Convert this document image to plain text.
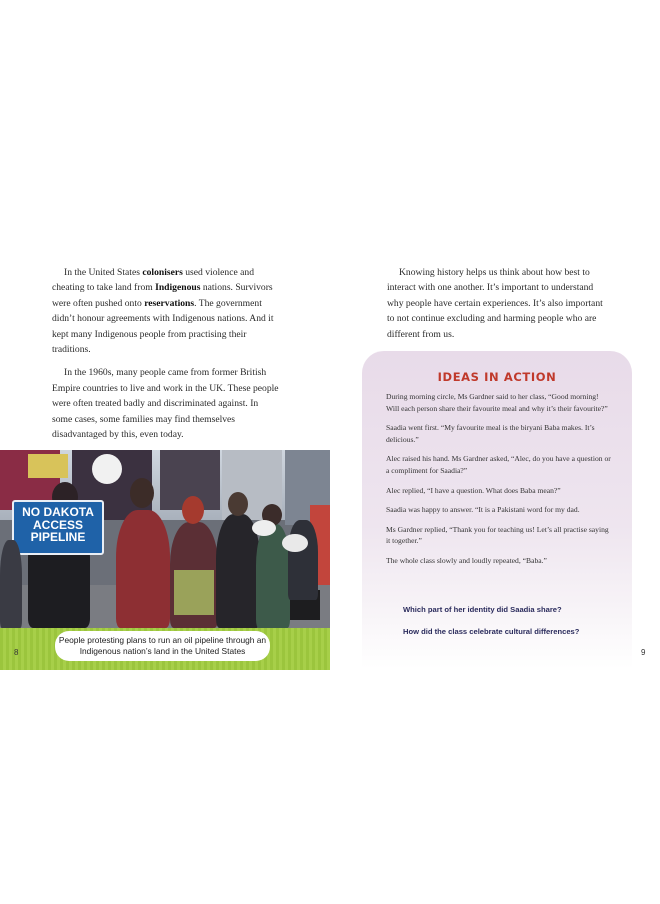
In the United States colonisers used violence and cheating to take land from Indigenous nations. Survivors were often pushed onto reservations. The government didn’t honour agreements with Indigenous nations. And it kept many Indigenous people from practising their traditions.

In the 1960s, many people came from former British Empire countries to live and work in the UK. These people were often treated badly and discriminated against. In some cases, some families may find themselves disadvantaged by this, even today.

NO DAKOTA ACCESS PIPELINE
People protesting plans to run an oil pipeline through an Indigenous nation’s land in the United States
8

Knowing history helps us think about how best to interact with one another. It’s important to understand why people have certain experiences. It’s also important to not continue excluding and harming people who are different from us.

IDEAS IN ACTION

During morning circle, Ms Gardner said to her class, “Good morning! Will each person share their favourite meal and why it’s their favourite?”

Saadia went first. “My favourite meal is the biryani Baba makes. It’s delicious.”

Alec raised his hand. Ms Gardner asked, “Alec, do you have a question or a compliment for Saadia?”

Alec replied, “I have a question. What does Baba mean?”

Saadia was happy to answer. “It is a Pakistani word for my dad.

Ms Gardner replied, “Thank you for teaching us! Let’s all practise saying it together.”

The whole class slowly and loudly repeated, “Baba.”

Which part of her identity did Saadia share?
How did the class celebrate cultural differences?
9
